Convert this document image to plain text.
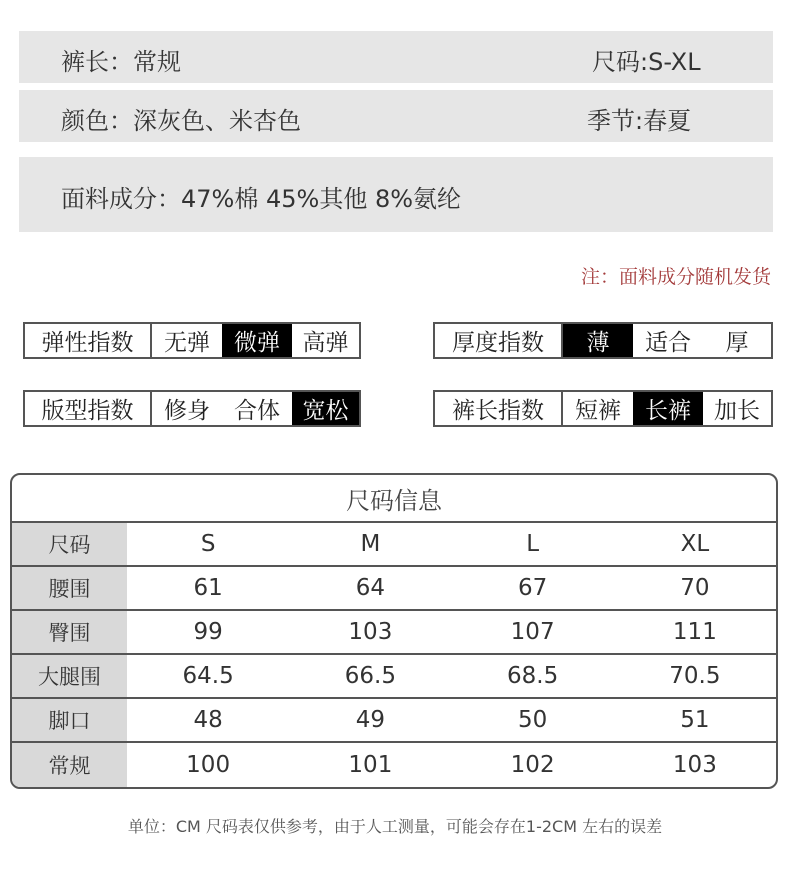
裤长：常规	尺码:S-XL
颜色：深灰色、米杏色	季节:春夏
面料成分：47%棉 45%其他 8%氨纶
注：面料成分随机发货
弹性指数	无弹	微弹 高弹	厚度指数	薄	适合	厚
版型指数	修身	合体 宽松	裤长指数	短裤	长裤	加长
尺码信息
尺码	S	M	L	XL
腰围	61	64	67	70
臀围	99	103	107	111
大腿围	64.5	66.5	68.5	70.5
脚口	48	49	50	51
常规	100	101	102	103
单位：CM 尺码表仅供参考，由于人工测量，可能会存在1-2CM 左右的误差
